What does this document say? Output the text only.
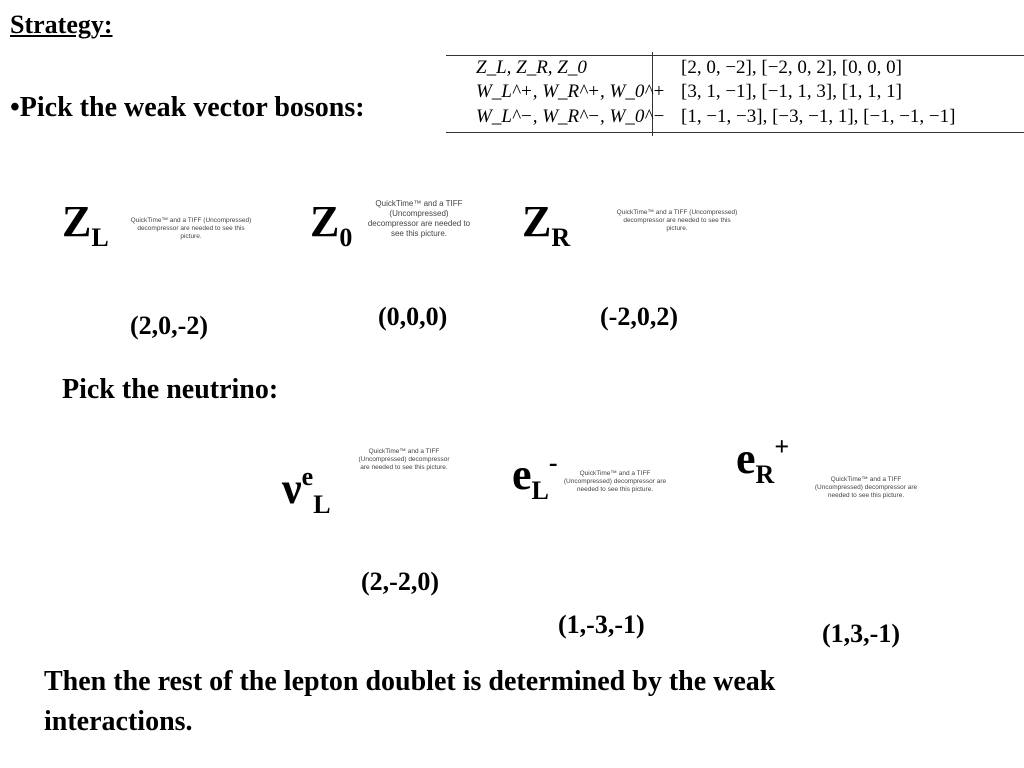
Strategy:
•Pick the weak vector bosons:
Z_L, Z_R, Z_0	[2, 0, −2], [−2, 0, 2], [0, 0, 0]
W_L^+, W_R^+, W_0^+ [3, 1, −1], [−1, 1, 3], [1, 1, 1]
W_L^−, W_R^−, W_0^− [1, −1, −3], [−3, −1, 1], [−1, −1, −1]
$Z_L$
QuickTime™ and a TIFF (Uncompressed) decompressor are needed to see this picture.
(2,0,-2)
$Z_0$
QuickTime™ and a TIFF (Uncompressed) decompressor are needed to see this picture.
(0,0,0)
$Z_R$
QuickTime™ and a TIFF (Uncompressed) decompressor are needed to see this picture.
(-2,0,2)
Pick the neutrino:
$\nu^e_L$
QuickTime™ and a TIFF (Uncompressed) decompressor are needed to see this picture.
(2,-2,0)
$e_L^-$	QuickTime™ and a TIFF (Uncompressed) decompressor are needed to see this picture.
(1,-3,-1)
$e_R^+$
QuickTime™ and a TIFF (Uncompressed) decompressor are needed to see this picture.
(1,3,-1)
Then the rest of the lepton doublet is determined by the weak interactions.
